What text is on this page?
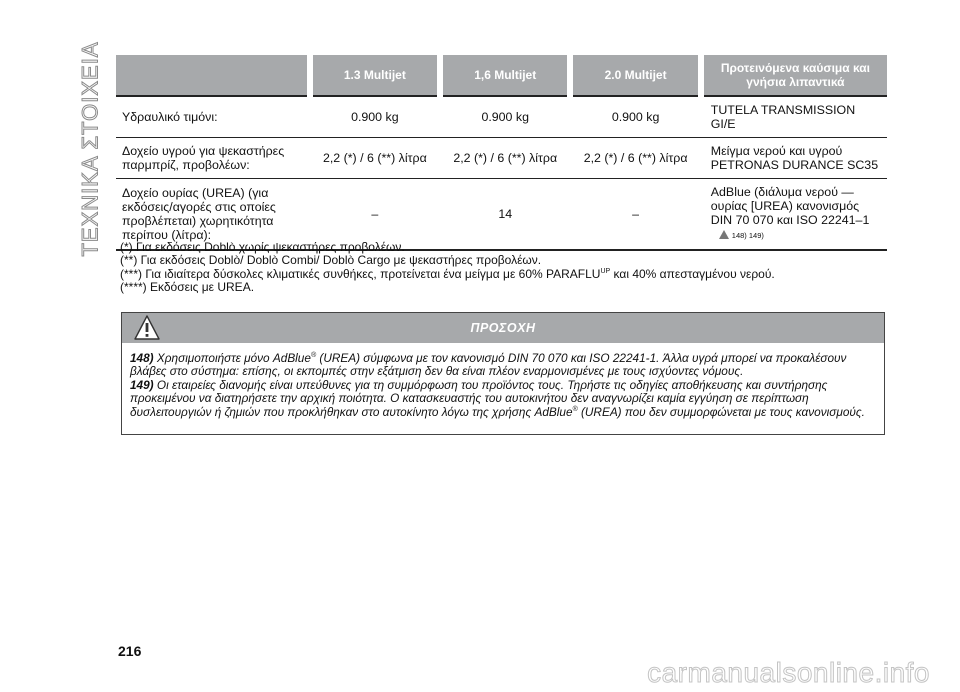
ΤΕΧΝΙΚΑ ΣΤΟΙΧΕΙΑ
		1.3 Multijet	1,6 Multijet	2.0 Multijet	Προτεινόμενα καύσιμα και γνήσια λιπαντικά
Υδραυλικό τιμόνι:	0.900 kg	0.900 kg	0.900 kg	TUTELA TRANSMISSION GI/E
Δοχείο υγρού για ψεκαστήρες παρμπρίζ, προβολέων:	2,2 (*) / 6 (**) λίτρα	2,2 (*) / 6 (**) λίτρα	2,2 (*) / 6 (**) λίτρα	Μείγμα νερού και υγρού PETRONAS DURANCE SC35
Δοχείο ουρίας (UREA) (για εκδόσεις/αγορές στις οποίες προβλέπεται) χωρητικότητα περίπου (λίτρα):	–	14	–	AdBlue (διάλυμα νερού — ουρίας [UREA) κανονισμός DIN 70 070 και ISO 22241–1
148) 149)
(*) Για εκδόσεις Doblò χωρίς ψεκαστήρες προβολέων.
(**) Για εκδόσεις Doblò/ Doblò Combi/ Doblò Cargo με ψεκαστήρες προβολέων.
(***) Για ιδιαίτερα δύσκολες κλιματικές συνθήκες, προτείνεται ένα μείγμα με 60% $PARAFLU^{UP}$ και 40% απεσταγμένου νερού.
(****) Εκδόσεις με UREA.
ΠΡΟΣΟΧΗ

148) Χρησιμοποιήστε μόνο AdBlue® (UREA) σύμφωνα με τον κανονισμό DIN 70 070 και ISO 22241-1. Άλλα υγρά μπορεί να προκαλέσουν βλάβες στο σύστημα: επίσης, οι εκπομπές στην εξάτμιση δεν θα είναι πλέον εναρμονισμένες με τους ισχύοντες νόμους.

149) Οι εταιρείες διανομής είναι υπεύθυνες για τη συμμόρφωση του προϊόντος τους. Τηρήστε τις οδηγίες αποθήκευσης και συντήρησης προκειμένου να διατηρήσετε την αρχική ποιότητα. Ο κατασκευαστής του αυτοκινήτου δεν αναγνωρίζει καμία εγγύηση σε περίπτωση δυσλειτουργιών ή ζημιών που προκλήθηκαν στο αυτοκίνητο λόγω της χρήσης AdBlue® (UREA) που δεν συμμορφώνεται με τους κανονισμούς.

216
carmanualsonline.info
